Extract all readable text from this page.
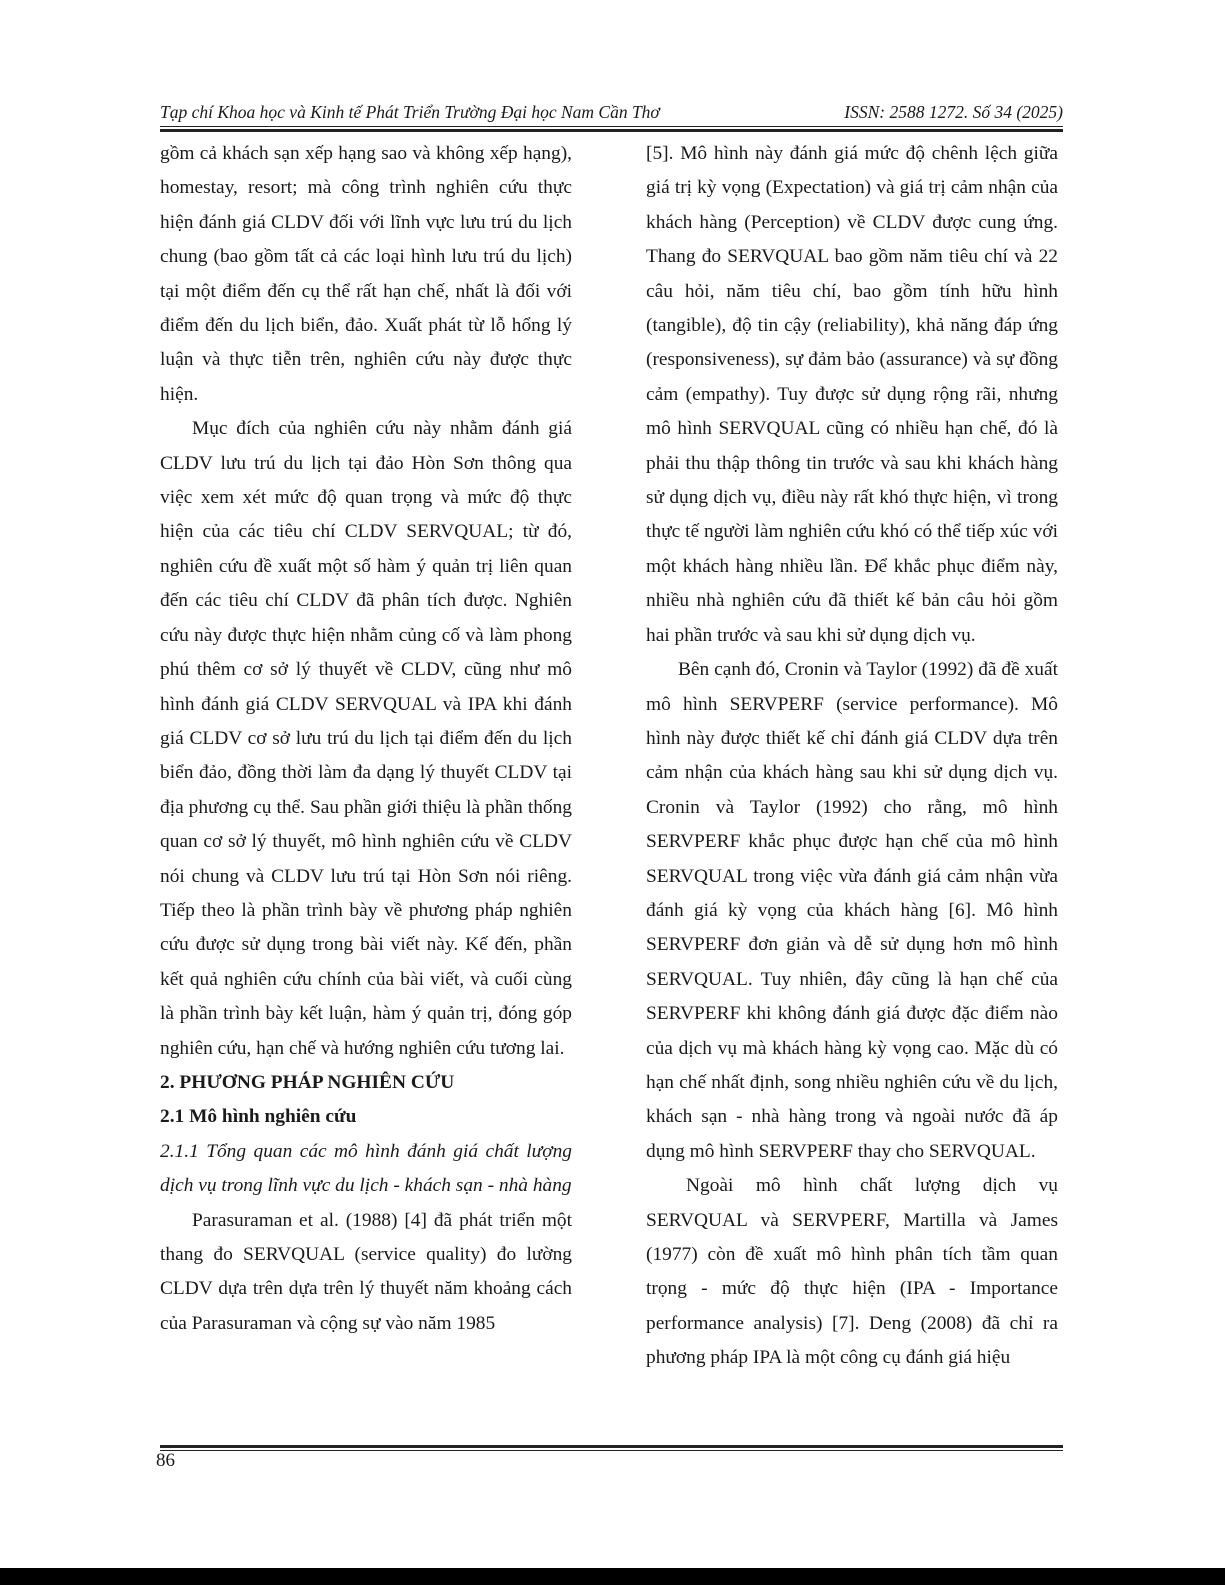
Tạp chí Khoa học và Kinh tế Phát Triển Trường Đại học Nam Cần Thơ	ISSN: 2588 1272. Số 34 (2025)

gồm cả khách sạn xếp hạng sao và không xếp hạng), homestay, resort; mà công trình nghiên cứu thực hiện đánh giá CLDV đối với lĩnh vực lưu trú du lịch chung (bao gồm tất cả các loại hình lưu trú du lịch) tại một điểm đến cụ thể rất hạn chế, nhất là đối với điểm đến du lịch biển, đảo. Xuất phát từ lỗ hổng lý luận và thực tiễn trên, nghiên cứu này được thực hiện.

Mục đích của nghiên cứu này nhằm đánh giá CLDV lưu trú du lịch tại đảo Hòn Sơn thông qua việc xem xét mức độ quan trọng và mức độ thực hiện của các tiêu chí CLDV SERVQUAL; từ đó, nghiên cứu đề xuất một số hàm ý quản trị liên quan đến các tiêu chí CLDV đã phân tích được. Nghiên cứu này được thực hiện nhằm củng cố và làm phong phú thêm cơ sở lý thuyết về CLDV, cũng như mô hình đánh giá CLDV SERVQUAL và IPA khi đánh giá CLDV cơ sở lưu trú du lịch tại điểm đến du lịch biển đảo, đồng thời làm đa dạng lý thuyết CLDV tại địa phương cụ thể. Sau phần giới thiệu là phần thống quan cơ sở lý thuyết, mô hình nghiên cứu về CLDV nói chung và CLDV lưu trú tại Hòn Sơn nói riêng. Tiếp theo là phần trình bày về phương pháp nghiên cứu được sử dụng trong bài viết này. Kế đến, phần kết quả nghiên cứu chính của bài viết, và cuối cùng là phần trình bày kết luận, hàm ý quản trị, đóng góp nghiên cứu, hạn chế và hướng nghiên cứu tương lai.

2. PHƯƠNG PHÁP NGHIÊN CỨU

2.1 Mô hình nghiên cứu

2.1.1 Tổng quan các mô hình đánh giá chất lượng dịch vụ trong lĩnh vực du lịch - khách sạn - nhà hàng

Parasuraman et al. (1988) [4] đã phát triển một thang đo SERVQUAL (service quality) đo lường CLDV dựa trên dựa trên lý thuyết năm khoảng cách của Parasuraman và cộng sự vào năm 1985

[5]. Mô hình này đánh giá mức độ chênh lệch giữa giá trị kỳ vọng (Expectation) và giá trị cảm nhận của khách hàng (Perception) về CLDV được cung ứng. Thang đo SERVQUAL bao gồm năm tiêu chí và 22 câu hỏi, năm tiêu chí, bao gồm tính hữu hình (tangible), độ tin cậy (reliability), khả năng đáp ứng (responsiveness), sự đảm bảo (assurance) và sự đồng cảm (empathy). Tuy được sử dụng rộng rãi, nhưng mô hình SERVQUAL cũng có nhiều hạn chế, đó là phải thu thập thông tin trước và sau khi khách hàng sử dụng dịch vụ, điều này rất khó thực hiện, vì trong thực tế người làm nghiên cứu khó có thể tiếp xúc với một khách hàng nhiều lần. Để khắc phục điểm này, nhiều nhà nghiên cứu đã thiết kế bản câu hỏi gồm hai phần trước và sau khi sử dụng dịch vụ.

Bên cạnh đó, Cronin và Taylor (1992) đã đề xuất mô hình SERVPERF (service performance). Mô hình này được thiết kế chỉ đánh giá CLDV dựa trên cảm nhận của khách hàng sau khi sử dụng dịch vụ. Cronin và Taylor (1992) cho rằng, mô hình SERVPERF khắc phục được hạn chế của mô hình SERVQUAL trong việc vừa đánh giá cảm nhận vừa đánh giá kỳ vọng của khách hàng [6]. Mô hình SERVPERF đơn giản và dễ sử dụng hơn mô hình SERVQUAL. Tuy nhiên, đây cũng là hạn chế của SERVPERF khi không đánh giá được đặc điểm nào của dịch vụ mà khách hàng kỳ vọng cao. Mặc dù có hạn chế nhất định, song nhiều nghiên cứu về du lịch, khách sạn - nhà hàng trong và ngoài nước đã áp dụng mô hình SERVPERF thay cho SERVQUAL.

Ngoài mô hình chất lượng dịch vụ SERVQUAL và SERVPERF, Martilla và James (1977) còn đề xuất mô hình phân tích tầm quan trọng - mức độ thực hiện (IPA - Importance performance analysis) [7]. Deng (2008) đã chỉ ra phương pháp IPA là một công cụ đánh giá hiệu

86
